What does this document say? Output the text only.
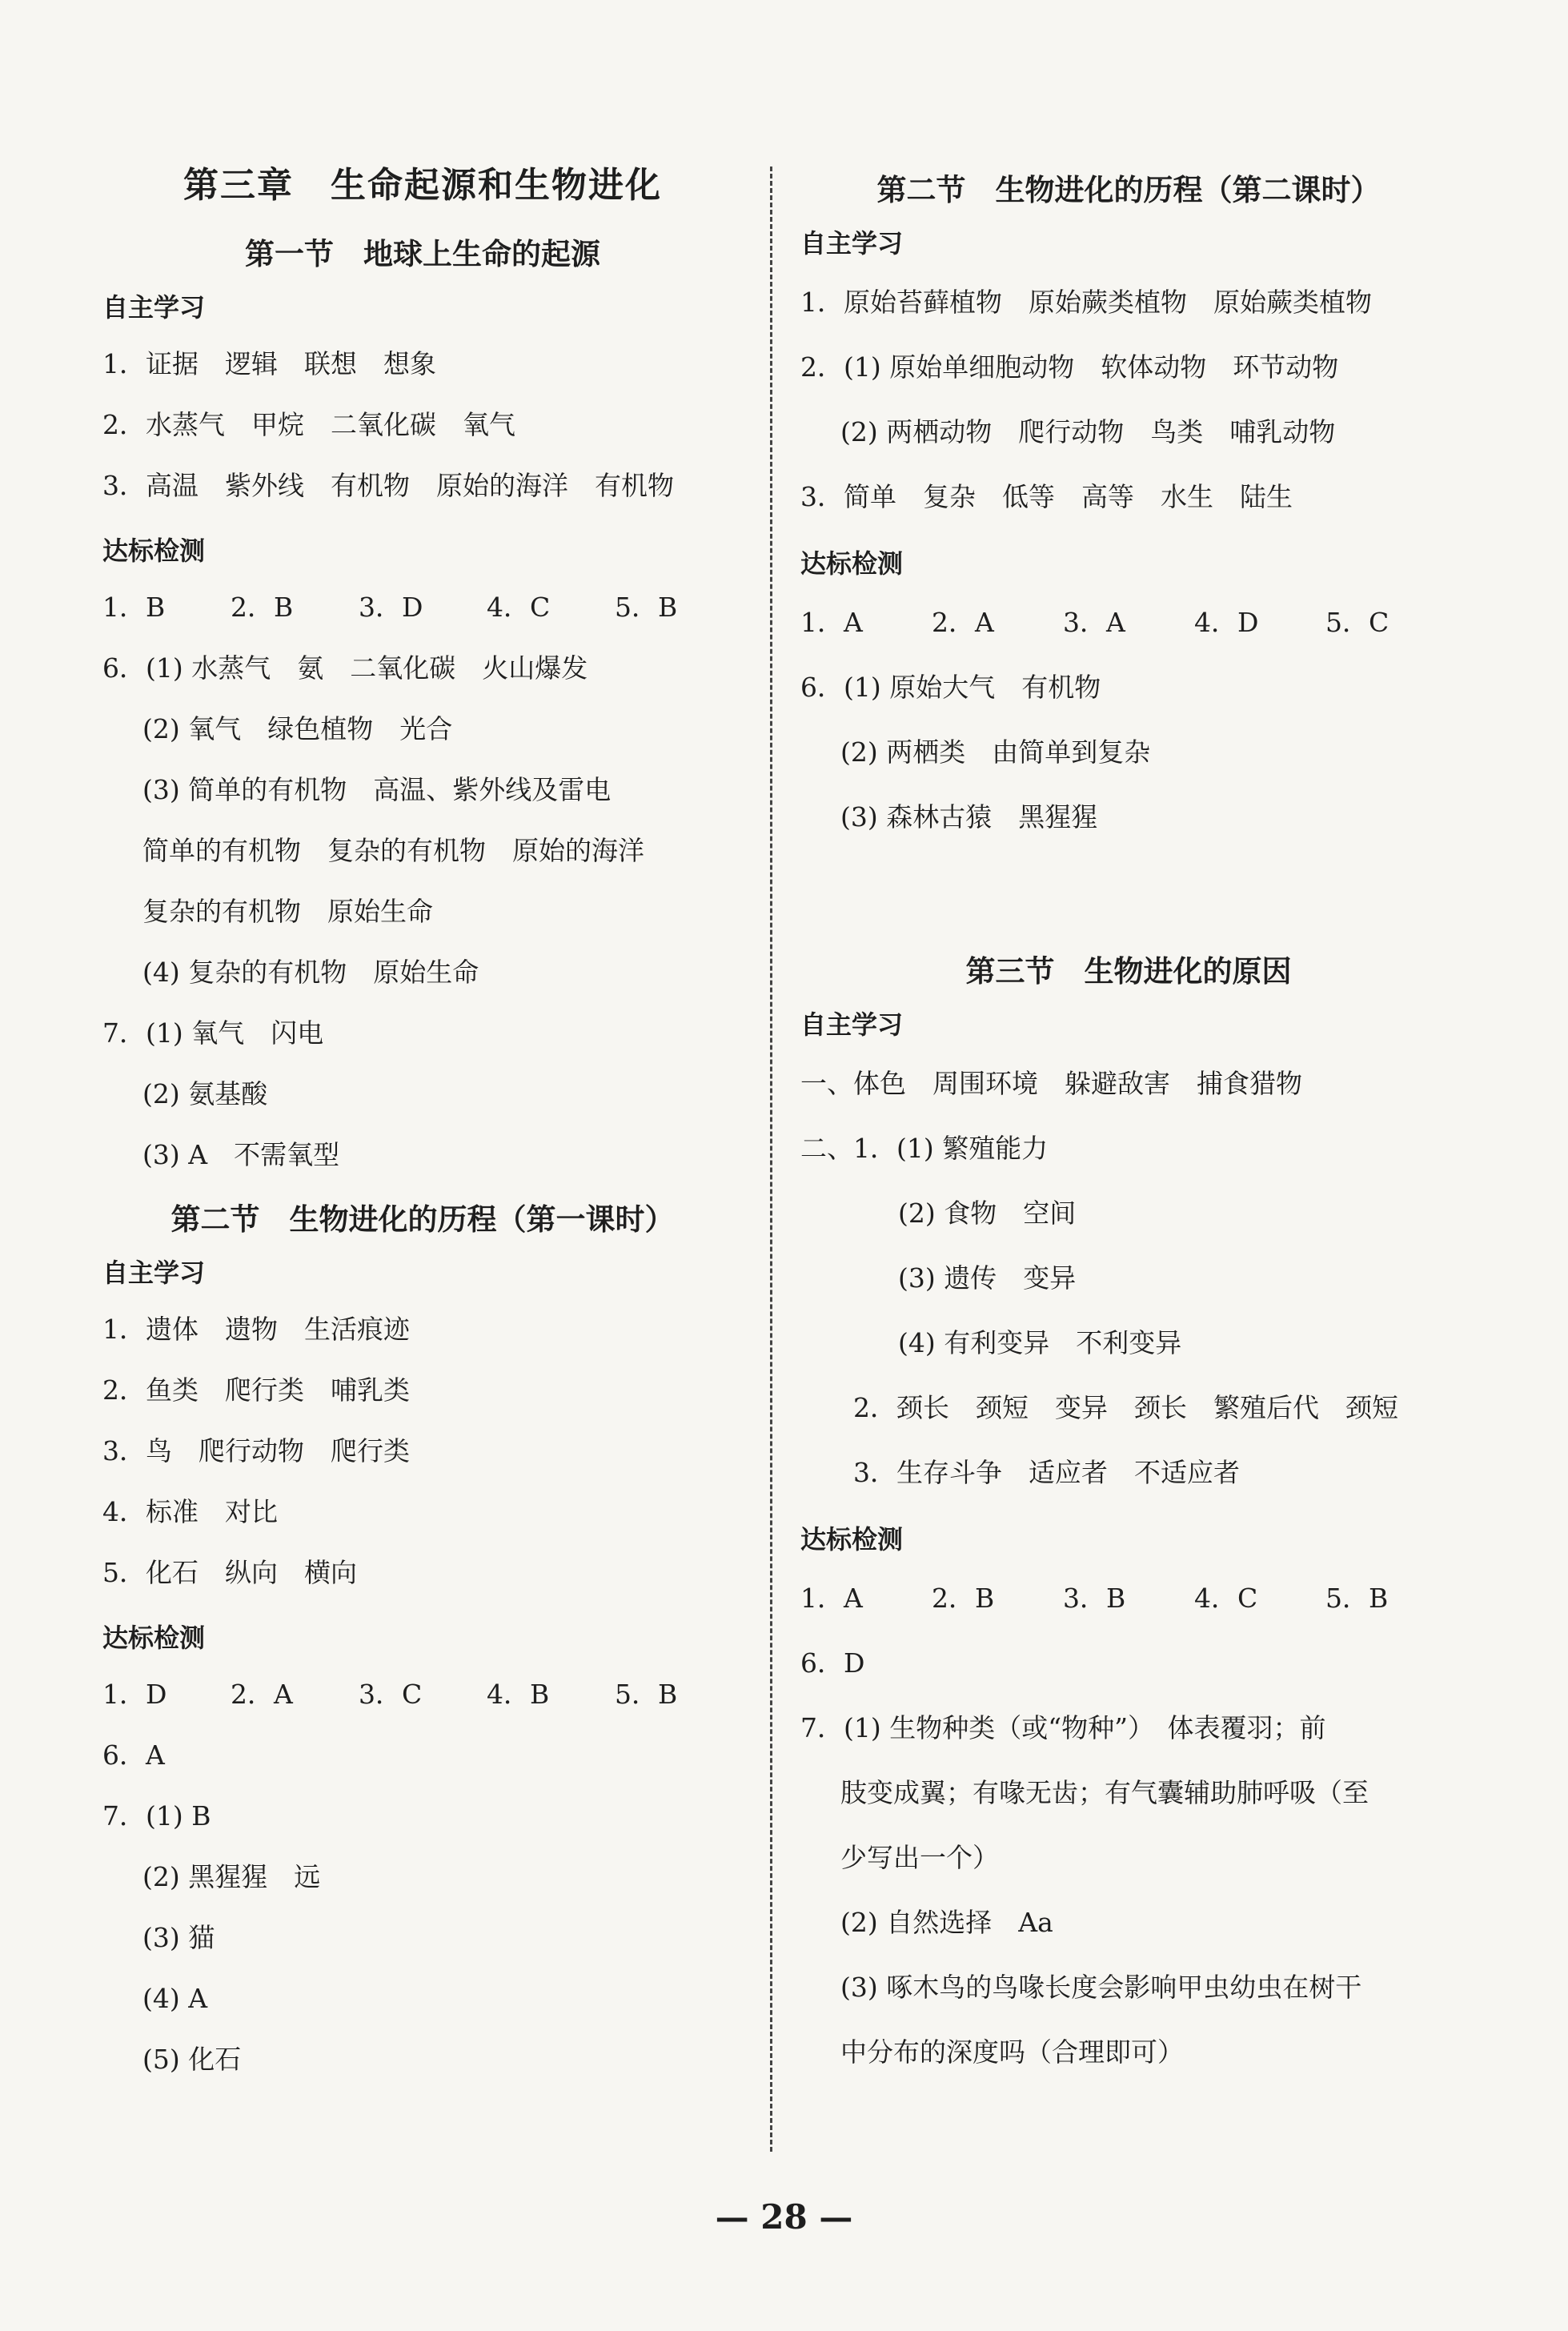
第三章　生命起源和生物进化
第一节　地球上生命的起源
自主学习
1．证据　逻辑　联想　想象
2．水蒸气　甲烷　二氧化碳　氧气
3．高温　紫外线　有机物　原始的海洋　有机物
达标检测
1．B	2．B	3．D	4．C	5．B
6．(1) 水蒸气　氨　二氧化碳　火山爆发
(2) 氧气　绿色植物　光合
(3) 简单的有机物　高温、紫外线及雷电
简单的有机物　复杂的有机物　原始的海洋
复杂的有机物　原始生命
(4) 复杂的有机物　原始生命
7．(1) 氧气　闪电
(2) 氨基酸
(3) A　不需氧型
第二节　生物进化的历程（第一课时）
自主学习
1．遗体　遗物　生活痕迹
2．鱼类　爬行类　哺乳类
3．鸟　爬行动物　爬行类
4．标准　对比
5．化石　纵向　横向
达标检测
1．D	2．A	3．C	4．B	5．B
6．A
7．(1) B
(2) 黑猩猩　远
(3) 猫
(4) A
(5) 化石
第二节　生物进化的历程（第二课时）
自主学习
1．原始苔藓植物　原始蕨类植物　原始蕨类植物
2．(1) 原始单细胞动物　软体动物　环节动物
(2) 两栖动物　爬行动物　鸟类　哺乳动物
3．简单　复杂　低等　高等　水生　陆生
达标检测
1．A	2．A	3．A	4．D	5．C
6．(1) 原始大气　有机物
(2) 两栖类　由简单到复杂
(3) 森林古猿　黑猩猩
第三节　生物进化的原因
自主学习
一、体色　周围环境　躲避敌害　捕食猎物
二、1．(1) 繁殖能力
(2) 食物　空间
(3) 遗传　变异
(4) 有利变异　不利变异
2．颈长　颈短　变异　颈长　繁殖后代　颈短
3．生存斗争　适应者　不适应者
达标检测
1．A	2．B	3．B	4．C	5．B
6．D
7．(1) 生物种类（或“物种”）　体表覆羽；前
肢变成翼；有喙无齿；有气囊辅助肺呼吸（至
少写出一个）
(2) 自然选择　Aa
(3) 啄木鸟的鸟喙长度会影响甲虫幼虫在树干
中分布的深度吗（合理即可）
— 28 —
